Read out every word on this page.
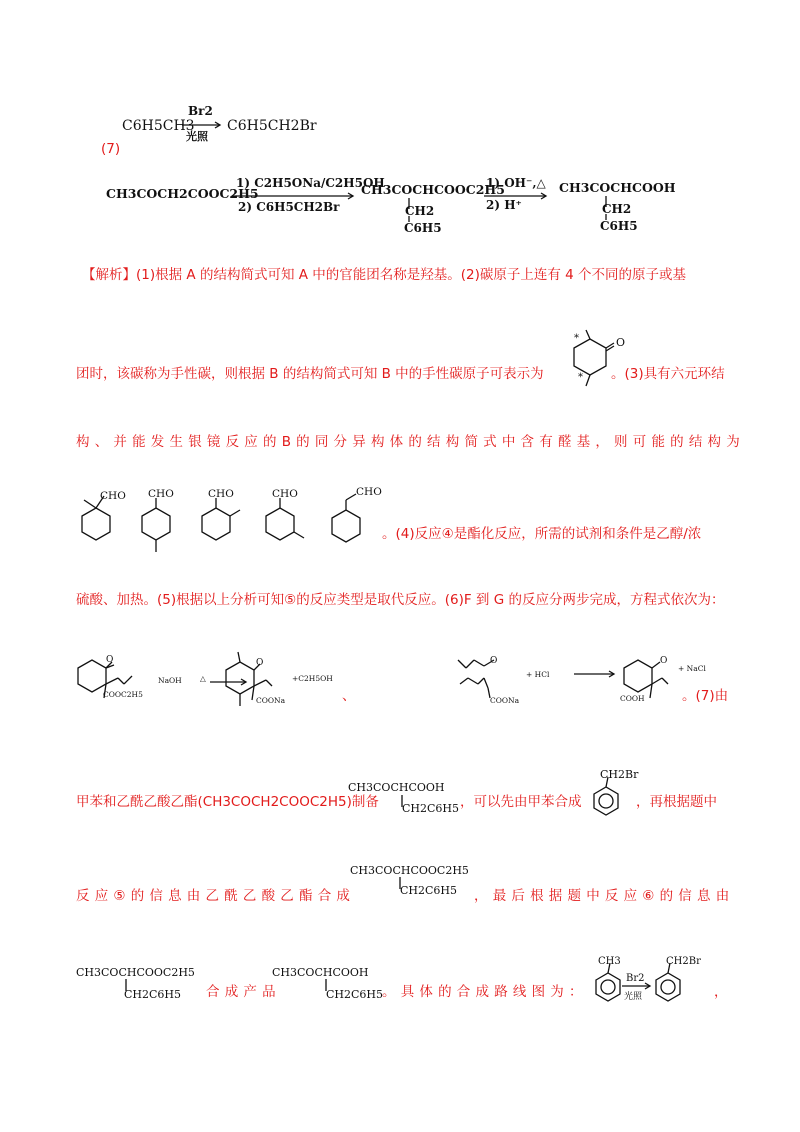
C6H5CH3
Br2
光照
C6H5CH2Br
(7)
CH3COCH2COOC2H5
1) C2H5ONa/C2H5OH
2) C6H5CH2Br
CH3COCHCOOC2H5
CH2
C6H5
1) OH⁻,△
2) H⁺
CH3COCHCOOH
CH2
C6H5
【解析】(1)根据 A 的结构简式可知 A 中的官能团名称是羟基。(2)碳原子上连有 4 个不同的原子或基
团时，该碳称为手性碳，则根据 B 的结构简式可知 B 中的手性碳原子可表示为
O
*
* 。(3)具有六元环结
构、并能发生银镜反应的B的同分异构体的结构简式中含有醛基，则可能的结构为
CHO CHO	CHO	CHO	CHO
。(4)反应④是酯化反应，所需的试剂和条件是乙醇/浓
硫酸、加热。(5)根据以上分析可知⑤的反应类型是取代反应。(6)F 到 G 的反应分两步完成，方程式依次为：
O
COOC2H5
NaOH △
O
COONa
+C2H5OH
、
O
COONa
+ HCl
O
COOH
+ NaCl
。(7)由
甲苯和乙酰乙酸乙酯(CH3COCH2COOC2H5)制备
CH3COCHCOOH
CH2C6H5 ，可以先由甲苯合成
CH2Br
，再根据题中
反应⑤的信息由乙酰乙酸乙酯合成
CH3COCHCOOC2H5
CH2C6H5 ，最后根据题中反应⑥的信息由
CH3COCHCOOC2H5
CH2C6H5 合成产品
CH3COCHCOOH
CH2C6H5
。具体的合成路线图为：
CH3
Br2
光照
CH2Br
，
